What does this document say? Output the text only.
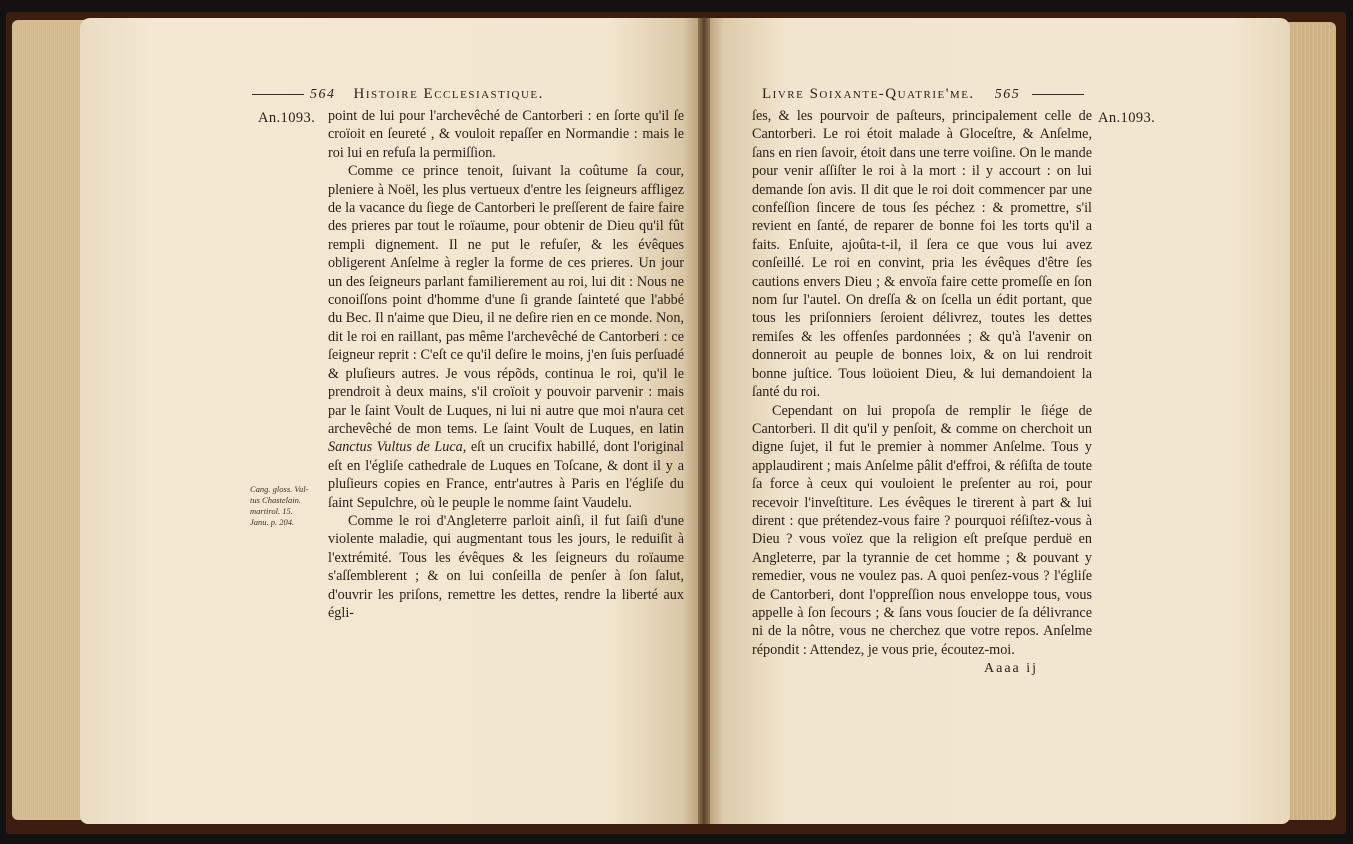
564 Histoire Ecclesiastique.
An.1093. point de lui pour l'archevêché de Cantorberi : en ſorte qu'il ſe croïoit en ſeureté , & vouloit repaſſer en Normandie : mais le roi lui en refuſa la permiſſion.

Comme ce prince tenoit, ſuivant la coûtume ſa cour, pleniere à Noël, les plus vertueux d'entre les ſeigneurs affligez de la vacance du ſiege de Cantorberi le preſſerent de faire faire des prieres par tout le roïaume, pour obtenir de Dieu qu'il fût rempli dignement. Il ne put le refuſer, & les évêques obligerent Anſelme à regler la forme de ces prieres. Un jour un des ſeigneurs parlant familierement au roi, lui dit : Nous ne conoiſſons point d'homme d'une ſi grande ſainteté que l'abbé du Bec. Il n'aime que Dieu, il ne deſire rien en ce monde. Non, dit le roi en raillant, pas même l'archevêché de Cantorberi : ce ſeigneur reprit : C'eſt ce qu'il deſire le moins, j'en ſuis perſuadé & pluſieurs autres. Je vous répõds, continua le roi, qu'il le prendroit à deux mains, s'il croïoit y pouvoir parvenir : mais par le ſaint Voult de Luques, ni lui ni autre que moi n'aura cet archevêché de mon tems. Le ſaint Voult de Luques, en latin Sanctus Vultus de Luca, eſt un crucifix habillé, dont l'original eſt en l'égliſe cathedrale de Luques en Toſcane, & dont il y a pluſieurs copies en France, entr'autres à Paris en l'égliſe du ſaint Sepulchre, où le peuple le nomme ſaint Vaudelu.

Comme le roi d'Angleterre parloit ainſi, il fut ſaiſi d'une violente maladie, qui augmentant tous les jours, le reduiſit à l'extrémité. Tous les évêques & les ſeigneurs du roïaume s'aſſemblerent ; & on lui conſeilla de penſer à ſon ſalut, d'ouvrir les priſons, remettre les dettes, rendre la liberté aux égli-

Cang. gloss. Vul-
tus Chastelain.
martirol. 15.
Janu. p. 204.
Livre Soixante-Quatrie'me. 565
An.1093.

ſes, & les pourvoir de paſteurs, principalement celle de Cantorberi. Le roi étoit malade à Gloceſtre, & Anſelme, ſans en rien ſavoir, étoit dans une terre voiſine. On le mande pour venir aſſiſter le roi à la mort : il y accourt : on lui demande ſon avis. Il dit que le roi doit commencer par une confeſſion ſincere de tous ſes péchez : & promettre, s'il revient en ſanté, de reparer de bonne foi les torts qu'il a faits. Enſuite, ajoûta-t-il, il ſera ce que vous lui avez conſeillé. Le roi en convint, pria les évêques d'être ſes cautions envers Dieu ; & envoïa faire cette promeſſe en ſon nom ſur l'autel. On dreſſa & on ſcella un édit portant, que tous les priſonniers ſeroient délivrez, toutes les dettes remiſes & les offenſes pardonnées ; & qu'à l'avenir on donneroit au peuple de bonnes loix, & on lui rendroit bonne juſtice. Tous loüoient Dieu, & lui demandoient la ſanté du roi.

Cependant on lui propoſa de remplir le ſiége de Cantorberi. Il dit qu'il y penſoit, & comme on cherchoit un digne ſujet, il fut le premier à nommer Anſelme. Tous y applaudirent ; mais Anſelme pâlit d'effroi, & réſiſta de toute ſa force à ceux qui vouloient le preſenter au roi, pour recevoir l'inveſtiture. Les évêques le tirerent à part & lui dirent : que prétendez-vous faire ? pourquoi réſiſtez-vous à Dieu ? vous voïez que la religion eſt preſque perduë en Angleterre, par la tyrannie de cet homme ; & pouvant y remedier, vous ne voulez pas. A quoi penſez-vous ? l'égliſe de Cantorberi, dont l'oppreſſion nous enveloppe tous, vous appelle à ſon ſecours ; & ſans vous ſoucier de ſa délivrance ni de la nôtre, vous ne cherchez que votre repos. Anſelme répondit : Attendez, je vous prie, écoutez-moi.

Aaaa ij
